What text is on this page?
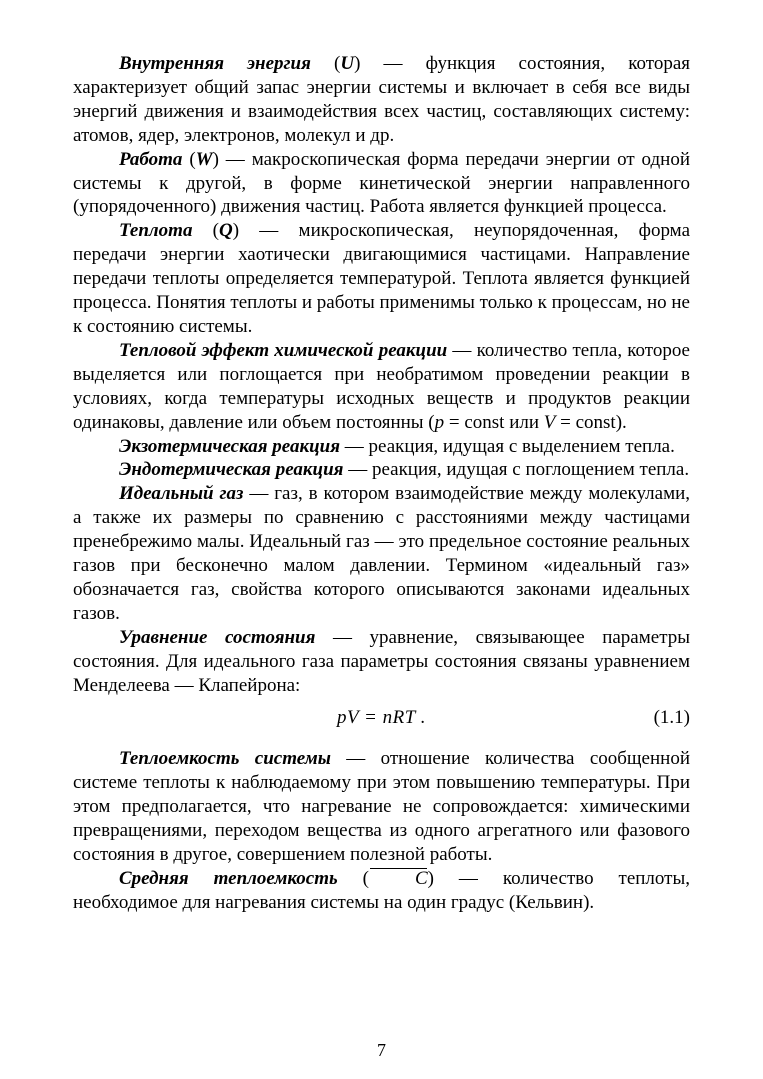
Внутренняя энергия (U) — функция состояния, которая характеризует общий запас энергии системы и включает в себя все виды энергий движения и взаимодействия всех частиц, составляющих систему: атомов, ядер, электронов, молекул и др.

Работа (W) — макроскопическая форма передачи энергии от одной системы к другой, в форме кинетической энергии направленного (упорядоченного) движения частиц. Работа является функцией процесса.

Теплота (Q) — микроскопическая, неупорядоченная, форма передачи энергии хаотически двигающимися частицами. Направление передачи теплоты определяется температурой. Теплота является функцией процесса. Понятия теплоты и работы применимы только к процессам, но не к состоянию системы.

Тепловой эффект химической реакции — количество тепла, которое выделяется или поглощается при необратимом проведении реакции в условиях, когда температуры исходных веществ и продуктов реакции одинаковы, давление или объем постоянны (p = const или V = const).

Экзотермическая реакция — реакция, идущая с выделением тепла.

Эндотермическая реакция — реакция, идущая с поглощением тепла.

Идеальный газ — газ, в котором взаимодействие между молекулами, а также их размеры по сравнению с расстояниями между частицами пренебрежимо малы. Идеальный газ — это предельное состояние реальных газов при бесконечно малом давлении. Термином «идеальный газ» обозначается газ, свойства которого описываются законами идеальных газов.

Уравнение состояния — уравнение, связывающее параметры состояния. Для идеального газа параметры состояния связаны уравнением Менделеева — Клапейрона:

pV = nRT .	(1.1)

Теплоемкость системы — отношение количества сообщенной системе теплоты к наблюдаемому при этом повышению температуры. При этом предполагается, что нагревание не сопровождается: химическими превращениями, переходом вещества из одного агрегатного или фазового состояния в другое, совершением полезной работы.

Средняя теплоемкость ( C) — количество теплоты, необходимое для нагревания системы на один градус (Кельвин).

7
